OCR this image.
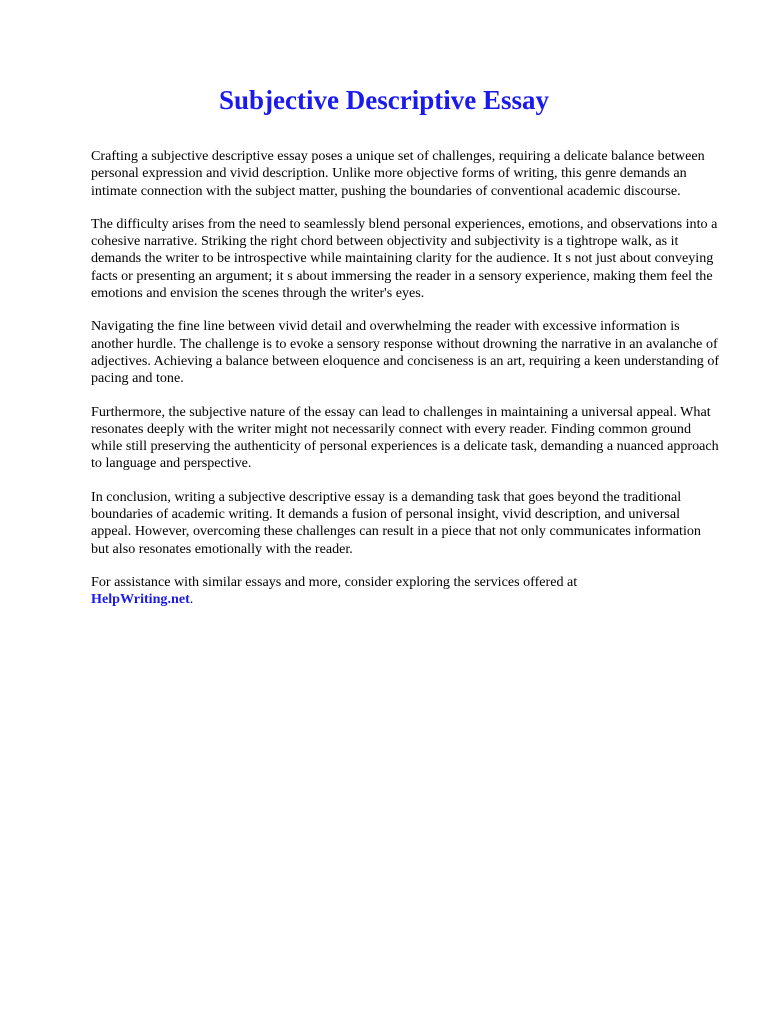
Subjective Descriptive Essay

Crafting a subjective descriptive essay poses a unique set of challenges, requiring a delicate balance between personal expression and vivid description. Unlike more objective forms of writing, this genre demands an intimate connection with the subject matter, pushing the boundaries of conventional academic discourse.

The difficulty arises from the need to seamlessly blend personal experiences, emotions, and observations into a cohesive narrative. Striking the right chord between objectivity and subjectivity is a tightrope walk, as it demands the writer to be introspective while maintaining clarity for the audience. It s not just about conveying facts or presenting an argument; it s about immersing the reader in a sensory experience, making them feel the emotions and envision the scenes through the writer's eyes.

Navigating the fine line between vivid detail and overwhelming the reader with excessive information is another hurdle. The challenge is to evoke a sensory response without drowning the narrative in an avalanche of adjectives. Achieving a balance between eloquence and conciseness is an art, requiring a keen understanding of pacing and tone.

Furthermore, the subjective nature of the essay can lead to challenges in maintaining a universal appeal. What resonates deeply with the writer might not necessarily connect with every reader. Finding common ground while still preserving the authenticity of personal experiences is a delicate task, demanding a nuanced approach to language and perspective.

In conclusion, writing a subjective descriptive essay is a demanding task that goes beyond the traditional boundaries of academic writing. It demands a fusion of personal insight, vivid description, and universal appeal. However, overcoming these challenges can result in a piece that not only communicates information but also resonates emotionally with the reader.

For assistance with similar essays and more, consider exploring the services offered at
HelpWriting.net.
